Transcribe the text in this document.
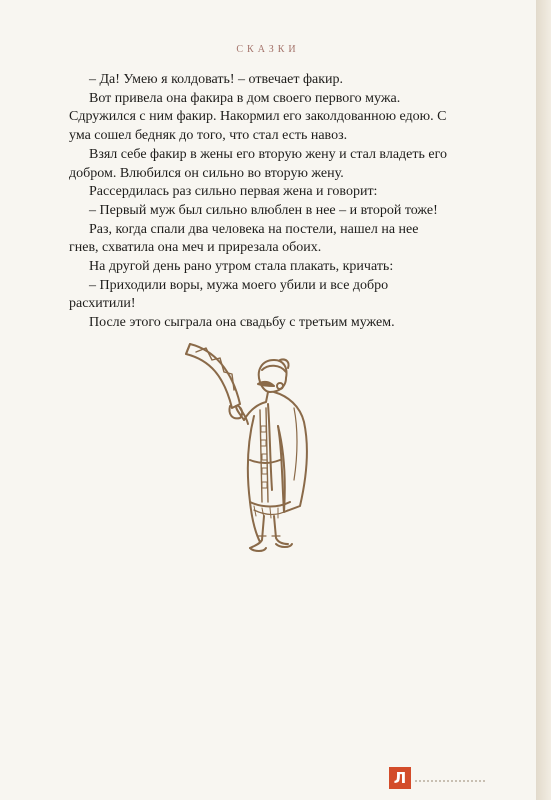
СКАЗКИ

– Да! Умею я колдовать! – отвечает факир.

Вот привела она факира в дом своего первого мужа. Сдружился с ним факир. Накормил его заколдованною едою. С ума сошел бедняк до того, что стал есть навоз.

Взял себе факир в жены его вторую жену и стал владеть его добром. Влюбился он сильно во вторую жену.

Рассердилась раз сильно первая жена и говорит:

– Первый муж был сильно влюблен в нее – и второй тоже!

Раз, когда спали два человека на постели, нашел на нее гнев, схватила она меч и прирезала обоих.

На другой день рано утром стала плакать, кричать:

– Приходили воры, мужа моего убили и все добро расхитили!

После этого сыграла она свадьбу с третьим мужем.

Л
